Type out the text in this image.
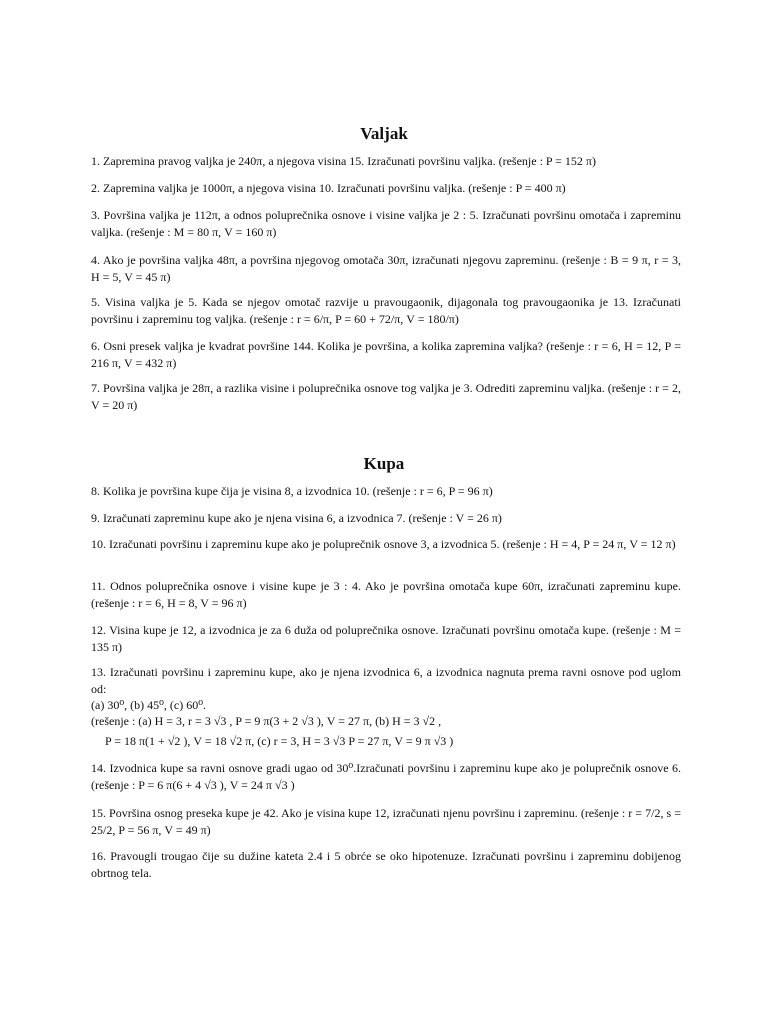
Valjak
1. Zapremina pravog valjka je 240π, a njegova visina 15. Izračunati površinu valjka. (rešenje : P = 152 π)
2. Zapremina valjka je 1000π, a njegova visina 10. Izračunati površinu valjka. (rešenje : P = 400 π)
3. Površina valjka je 112π, a odnos poluprečnika osnove i visine valjka je 2 : 5. Izračunati površinu omotača i zapreminu valjka. (rešenje : M = 80 π, V = 160 π)
4. Ako je površina valjka 48π, a površina njegovog omotača 30π, izračunati njegovu zapreminu. (rešenje : B = 9 π, r = 3, H = 5, V = 45 π)
5. Visina valjka je 5. Kada se njegov omotač razvije u pravougaonik, dijagonala tog pravougaonika je 13. Izračunati površinu i zapreminu tog valjka. (rešenje : r = 6/π, P = 60 + 72/π, V = 180/π)
6. Osni presek valjka je kvadrat površine 144. Kolika je površina, a kolika zapremina valjka? (rešenje : r = 6, H = 12, P = 216 π, V = 432 π)
7. Površina valjka je 28π, a razlika visine i poluprečnika osnove tog valjka je 3. Odrediti zapreminu valjka. (rešenje : r = 2, V = 20 π)
Kupa
8. Kolika je površina kupe čija je visina 8, a izvodnica 10. (rešenje : r = 6, P = 96 π)
9. Izračunati zapreminu kupe ako je njena visina 6, a izvodnica 7. (rešenje : V = 26 π)
10. Izračunati površinu i zapreminu kupe ako je poluprečnik osnove 3, a izvodnica 5. (rešenje : H = 4, P = 24 π, V = 12 π)
11. Odnos poluprečnika osnove i visine kupe je 3 : 4. Ako je površina omotača kupe 60π, izračunati zapreminu kupe. (rešenje : r = 6, H = 8, V = 96 π)
12. Visina kupe je 12, a izvodnica je za 6 duža od poluprečnika osnove. Izračunati površinu omotača kupe. (rešenje : M = 135 π)
13. Izračunati površinu i zapreminu kupe, ako je njena izvodnica 6, a izvodnica nagnuta prema ravni osnove pod uglom od:
(a) 30⁰, (b) 45⁰, (c) 60⁰.
(rešenje : (a) H = 3, r = 3 √3 , P = 9 π(3 + 2 √3 ), V = 27 π, (b) H = 3 √2 ,
P = 18 π(1 + √2 ), V = 18 √2 π, (c) r = 3, H = 3 √3 P = 27 π, V = 9 π √3 )
14. Izvodnica kupe sa ravni osnove gradi ugao od 30⁰.Izračunati površinu i zapreminu kupe ako je poluprečnik osnove 6. (rešenje : P = 6 π(6 + 4 √3 ), V = 24 π √3 )
15. Površina osnog preseka kupe je 42. Ako je visina kupe 12, izračunati njenu površinu i zapreminu. (rešenje : r = 7/2, s = 25/2, P = 56 π, V = 49 π)
16. Pravougli trougao čije su dužine kateta 2.4 i 5 obrće se oko hipotenuze. Izračunati površinu i zapreminu dobijenog obrtnog tela.
